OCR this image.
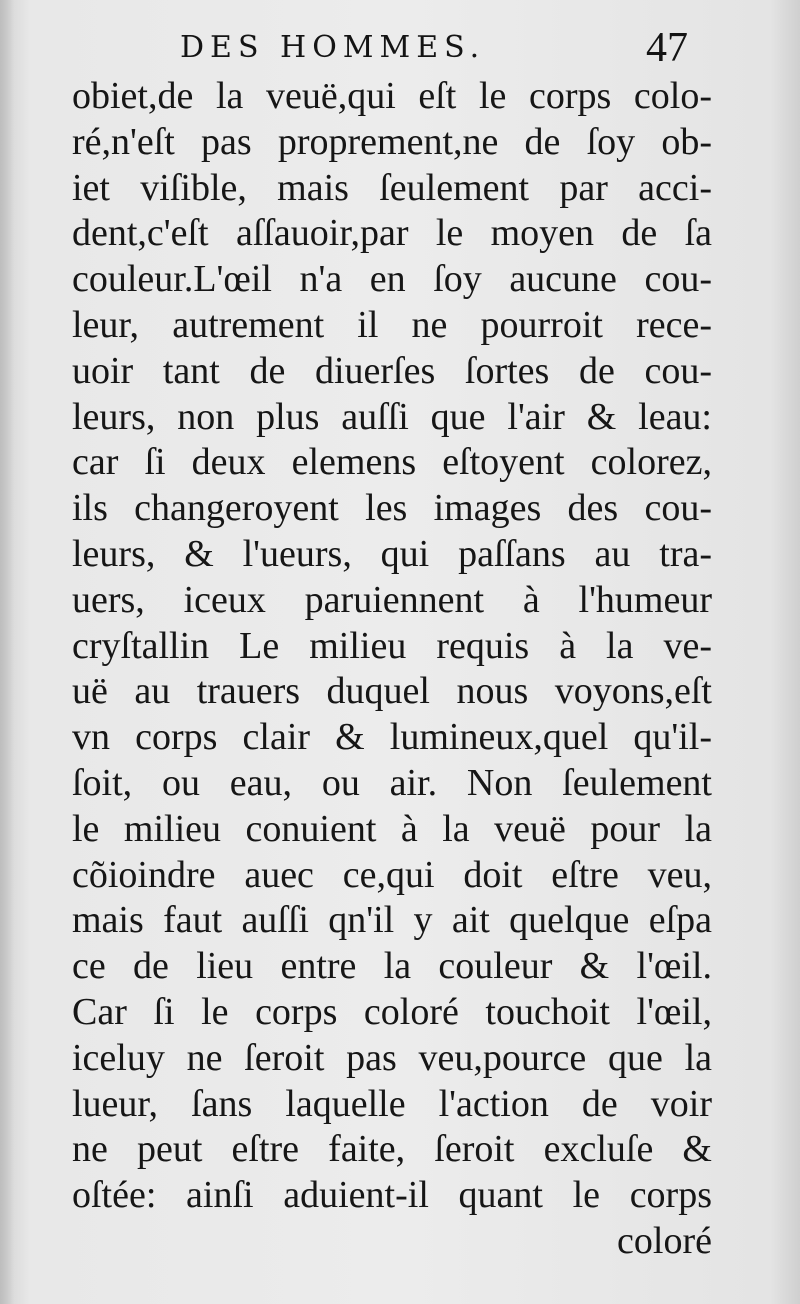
DES HOMMES.	47
obiet,de la veuë,qui eſt le corps colo-
ré,n'eſt pas proprement,ne de ſoy ob-
iet viſible, mais ſeulement par acci-
dent,c'eſt aſſauoir,par le moyen de ſa
couleur.L'œil n'a en ſoy aucune cou-
leur, autrement il ne pourroit rece-
uoir tant de diuerſes ſortes de cou-
leurs, non plus auſſi que l'air & leau:
car ſi deux elemens eſtoyent colorez,
ils changeroyent les images des cou-
leurs, & l'ueurs, qui paſſans au tra-
uers, iceux paruiennent à l'humeur
cryſtallin Le milieu requis à la ve-
uë au trauers duquel nous voyons,eſt
vn corps clair & lumineux,quel qu'il-
ſoit, ou eau, ou air. Non ſeulement
le milieu conuient à la veuë pour la
cõioindre auec ce,qui doit eſtre veu,
mais faut auſſi qn'il y ait quelque eſpa
ce de lieu entre la couleur & l'œil.
Car ſi le corps coloré touchoit l'œil,
iceluy ne ſeroit pas veu,pource que la
lueur, ſans laquelle l'action de voir
ne peut eſtre faite, ſeroit excluſe &
oſtée: ainſi aduient-il quant le corps
coloré
